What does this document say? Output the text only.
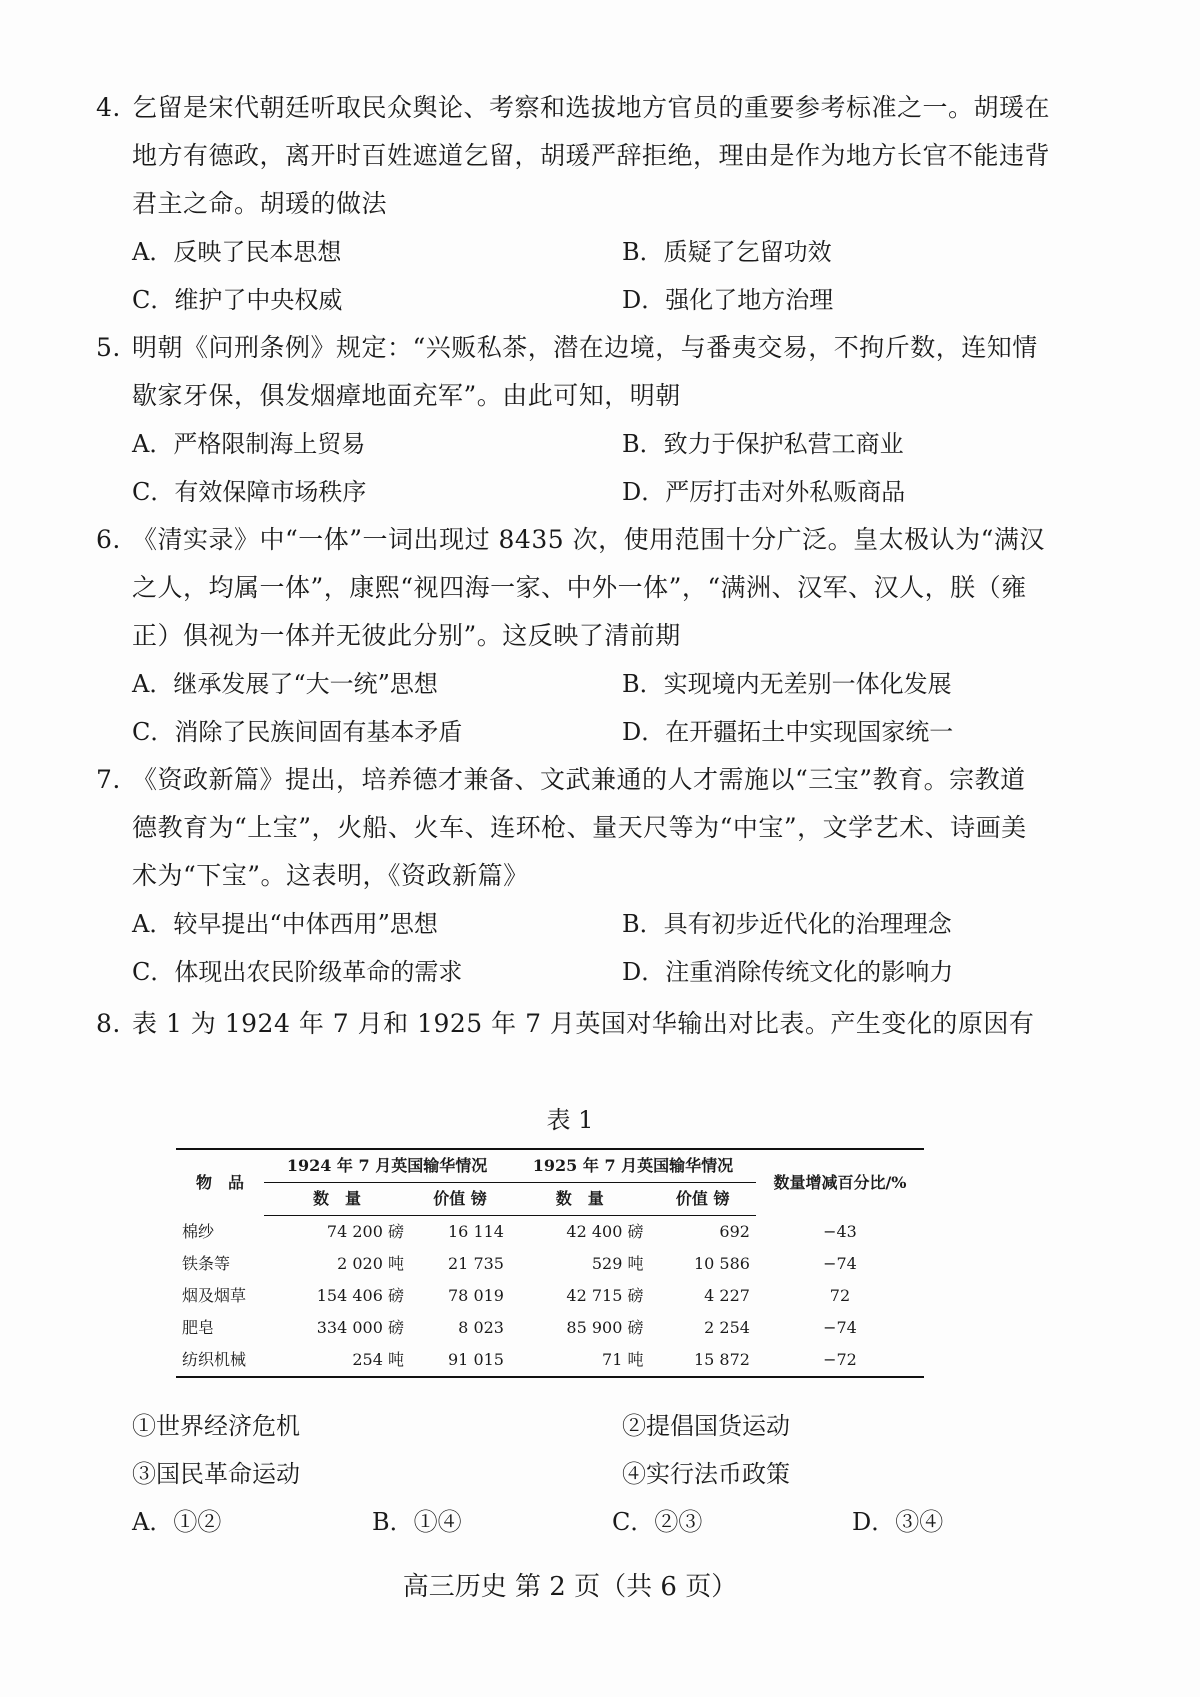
4. 乞留是宋代朝廷听取民众舆论、考察和选拔地方官员的重要参考标准之一。胡瑗在
地方有德政，离开时百姓遮道乞留，胡瑗严辞拒绝，理由是作为地方长官不能违背
君主之命。胡瑗的做法
A．反映了民本思想	B．质疑了乞留功效
C．维护了中央权威	D．强化了地方治理
5. 明朝《问刑条例》规定：“兴贩私茶，潜在边境，与番夷交易，不拘斤数，连知情
歇家牙保，俱发烟瘴地面充军”。由此可知，明朝
A．严格限制海上贸易	B．致力于保护私营工商业
C．有效保障市场秩序	D．严厉打击对外私贩商品
6. 《清实录》中“一体”一词出现过 8435 次，使用范围十分广泛。皇太极认为“满汉
之人，均属一体”，康熙“视四海一家、中外一体”，“满洲、汉军、汉人，朕（雍
正）俱视为一体并无彼此分别”。这反映了清前期
A．继承发展了“大一统”思想	B．实现境内无差别一体化发展
C．消除了民族间固有基本矛盾	D．在开疆拓土中实现国家统一
7. 《资政新篇》提出，培养德才兼备、文武兼通的人才需施以“三宝”教育。宗教道
德教育为“上宝”，火船、火车、连环枪、量天尺等为“中宝”，文学艺术、诗画美
术为“下宝”。这表明，《资政新篇》
A．较早提出“中体西用”思想	B．具有初步近代化的治理理念
C．体现出农民阶级革命的需求	D．注重消除传统文化的影响力
8. 表 1 为 1924 年 7 月和 1925 年 7 月英国对华输出对比表。产生变化的原因有
表 1
物　品	1924 年 7 月英国输华情况		1925 年 7 月英国输华情况		数量增减百分比/%
	数　量	价值 镑	数　量	价值 镑	
棉纱	74 200 磅	16 114	42 400 磅	692	−43
铁条等	2 020 吨	21 735	529 吨	10 586	−74
烟及烟草	154 406 磅	78 019	42 715 磅	4 227	72
肥皂	334 000 磅	8 023	85 900 磅	2 254	−74
纺织机械	254 吨	91 015	71 吨	15 872	−72
①世界经济危机	②提倡国货运动
③国民革命运动	④实行法币政策
A．①②	B．①④	C．②③	D．③④
高三历史 第 2 页（共 6 页）
